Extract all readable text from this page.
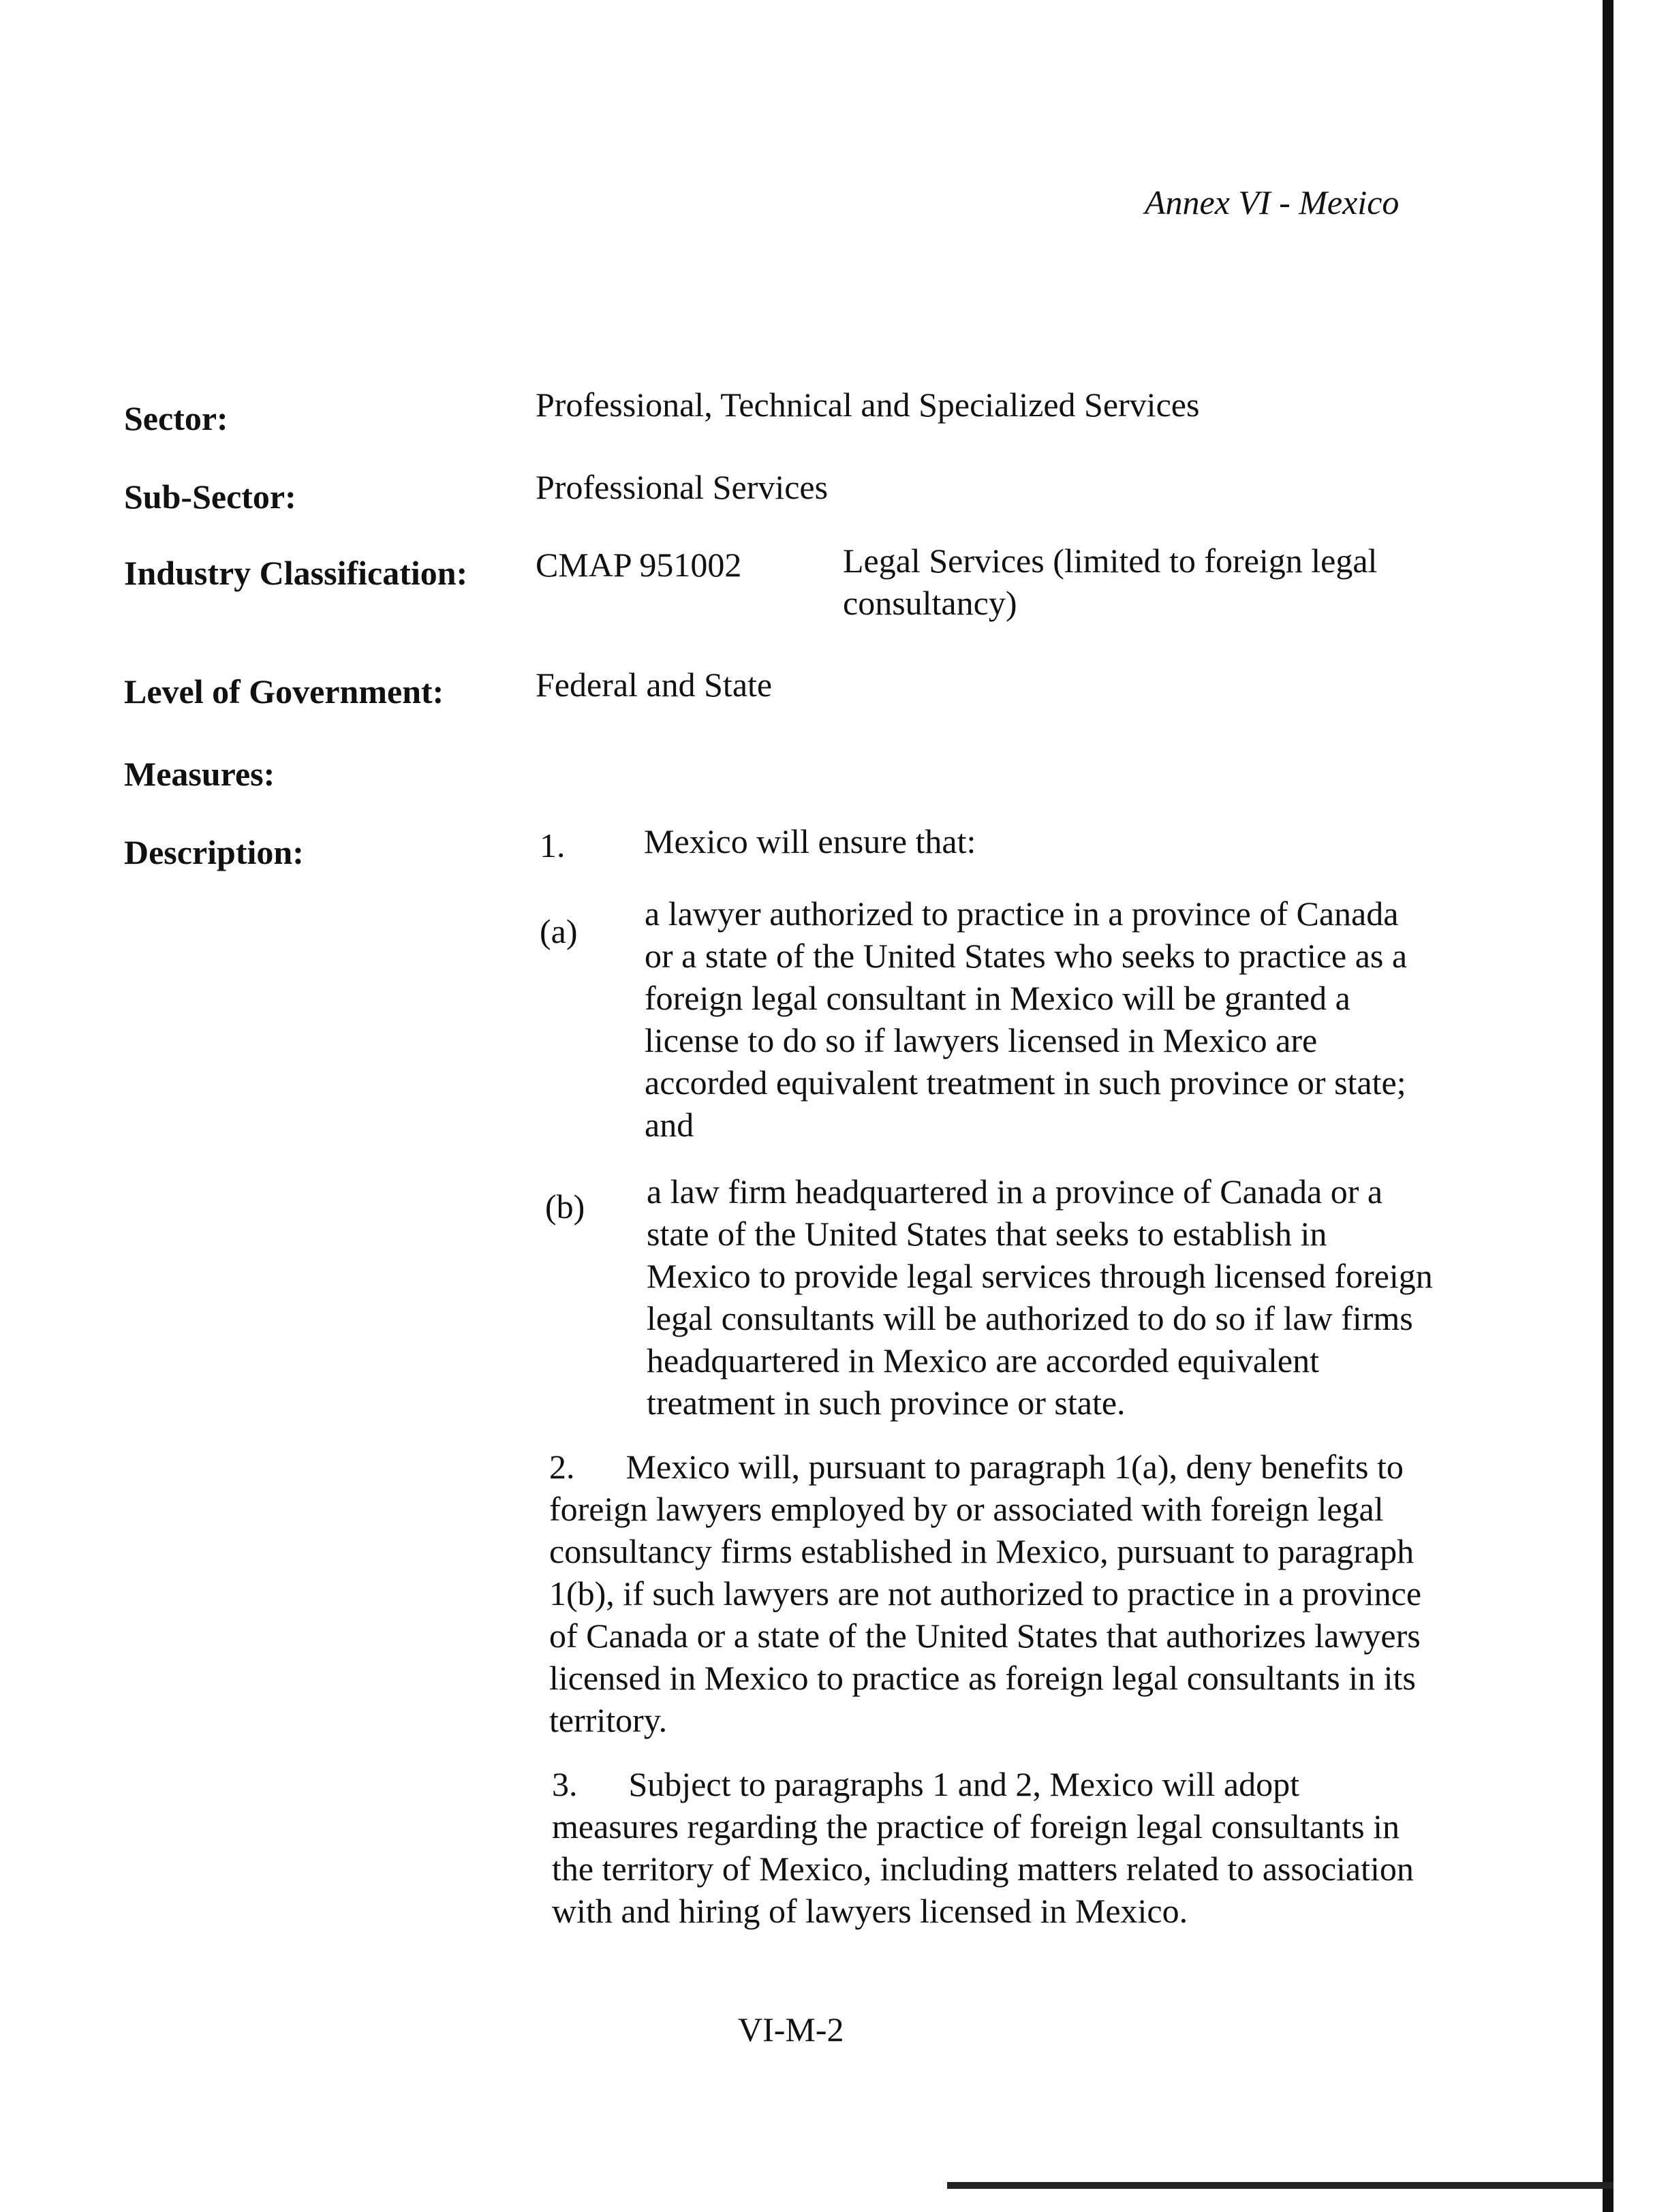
Annex VI - Mexico
Sector:	Professional, Technical and Specialized Services
Sub-Sector:	Professional Services
Industry Classification: CMAP 951002	Legal Services (limited to foreign legal
consultancy)
Level of Government:	Federal and State
Measures:
Description:	1. Mexico will ensure that:
(a) a lawyer authorized to practice in a province of Canada
or a state of the United States who seeks to practice as a
foreign legal consultant in Mexico will be granted a
license to do so if lawyers licensed in Mexico are
accorded equivalent treatment in such province or state;
and
(b) a law firm headquartered in a province of Canada or a
state of the United States that seeks to establish in
Mexico to provide legal services through licensed foreign
legal consultants will be authorized to do so if law firms
headquartered in Mexico are accorded equivalent
treatment in such province or state.
2.      Mexico will, pursuant to paragraph 1(a), deny benefits to
foreign lawyers employed by or associated with foreign legal
consultancy firms established in Mexico, pursuant to paragraph
1(b), if such lawyers are not authorized to practice in a province
of Canada or a state of the United States that authorizes lawyers
licensed in Mexico to practice as foreign legal consultants in its
territory.
3.      Subject to paragraphs 1 and 2, Mexico will adopt
measures regarding the practice of foreign legal consultants in
the territory of Mexico, including matters related to association
with and hiring of lawyers licensed in Mexico.
VI-M-2
